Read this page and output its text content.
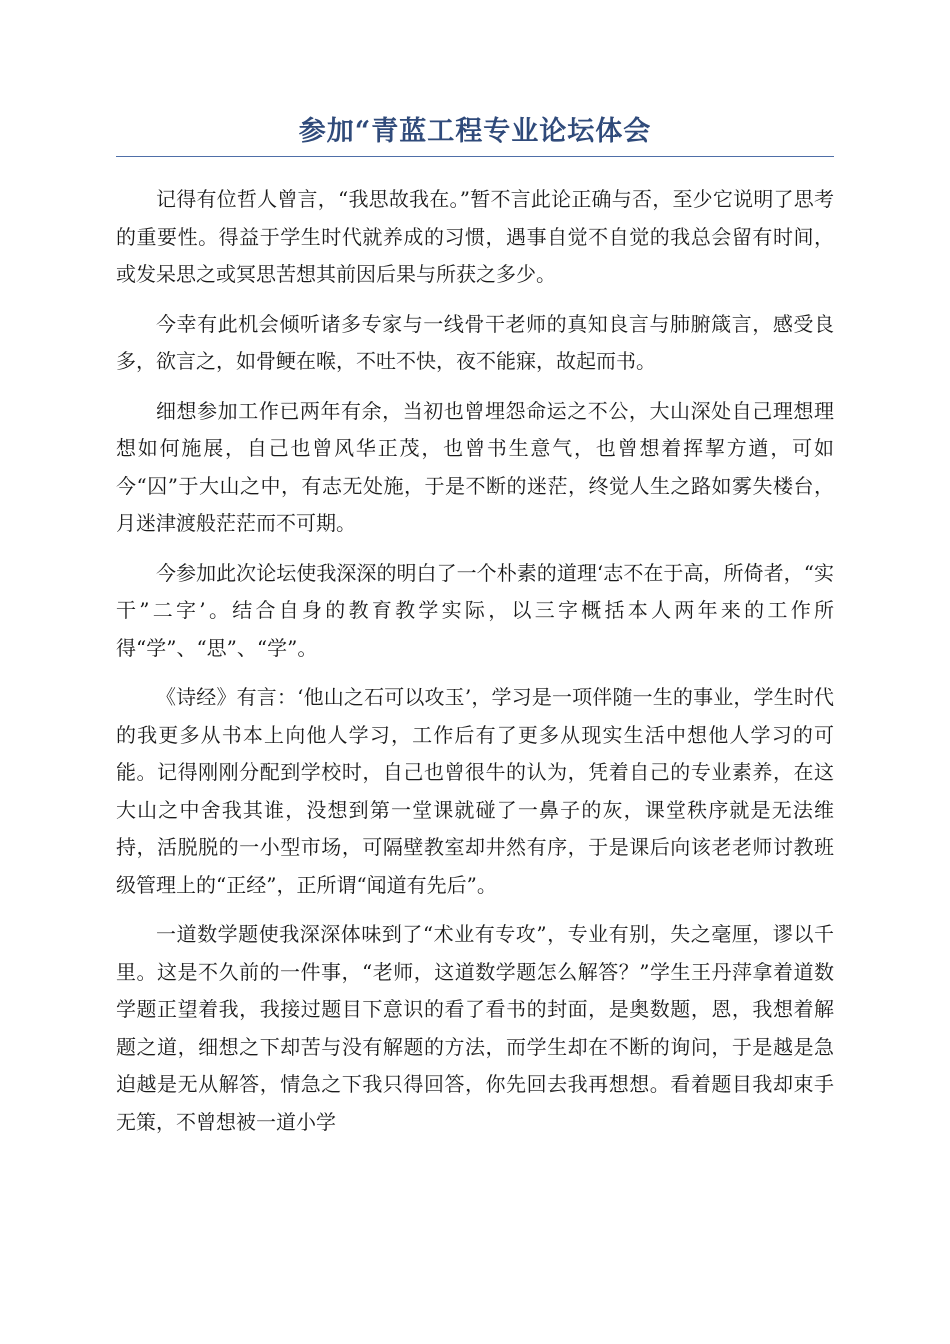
参加“青蓝工程专业论坛体会

记得有位哲人曾言，“我思故我在。”暂不言此论正确与否，至少它说明了思考的重要性。得益于学生时代就养成的习惯，遇事自觉不自觉的我总会留有时间，或发呆思之或冥思苦想其前因后果与所获之多少。

今幸有此机会倾听诸多专家与一线骨干老师的真知良言与肺腑箴言，感受良多，欲言之，如骨鲠在喉，不吐不快，夜不能寐，故起而书。

细想参加工作已两年有余，当初也曾埋怨命运之不公，大山深处自己理想理想如何施展，自己也曾风华正茂，也曾书生意气，也曾想着挥挈方遒，可如今“囚”于大山之中，有志无处施，于是不断的迷茫，终觉人生之路如雾失楼台，月迷津渡般茫茫而不可期。

今参加此次论坛使我深深的明白了一个朴素的道理‘志不在于高，所倚者，“实干”二字’。结合自身的教育教学实际，以三字概括本人两年来的工作所得“学”、“思”、“学”。

《诗经》有言：‘他山之石可以攻玉’，学习是一项伴随一生的事业，学生时代的我更多从书本上向他人学习，工作后有了更多从现实生活中想他人学习的可能。记得刚刚分配到学校时，自己也曾很牛的认为，凭着自己的专业素养，在这大山之中舍我其谁，没想到第一堂课就碰了一鼻子的灰，课堂秩序就是无法维持，活脱脱的一小型市场，可隔壁教室却井然有序，于是课后向该老老师讨教班级管理上的“正经”，正所谓“闻道有先后”。

一道数学题使我深深体味到了“术业有专攻”，专业有别，失之毫厘，谬以千里。这是不久前的一件事，“老师，这道数学题怎么解答？”学生王丹萍拿着道数学题正望着我，我接过题目下意识的看了看书的封面，是奥数题，恩，我想着解题之道，细想之下却苦与没有解题的方法，而学生却在不断的询问，于是越是急迫越是无从解答，情急之下我只得回答，你先回去我再想想。看着题目我却束手无策，不曾想被一道小学
